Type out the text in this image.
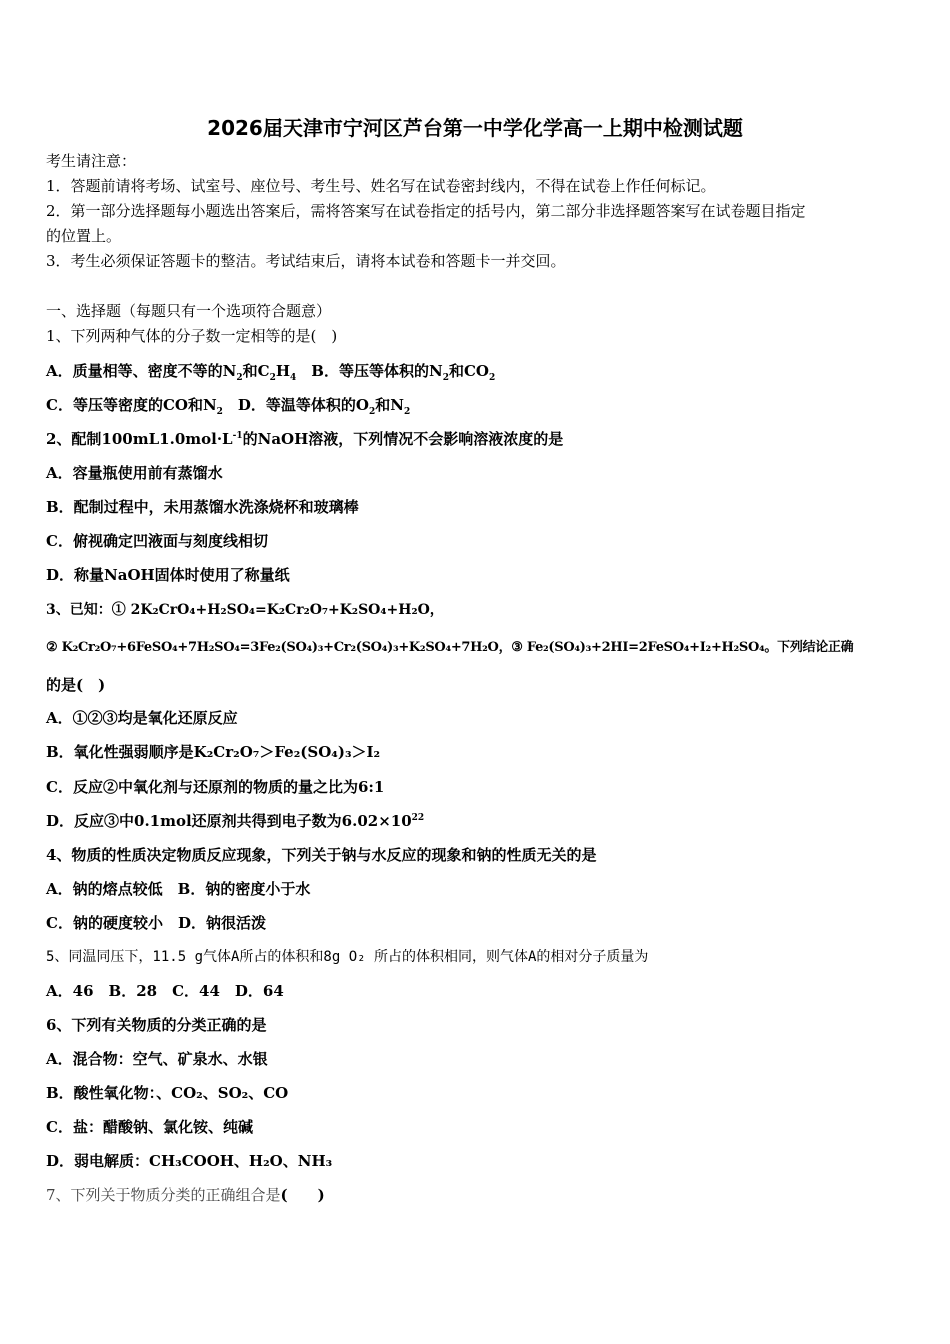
2026届天津市宁河区芦台第一中学化学高一上期中检测试题
考生请注意：
1．答题前请将考场、试室号、座位号、考生号、姓名写在试卷密封线内，不得在试卷上作任何标记。
2．第一部分选择题每小题选出答案后，需将答案写在试卷指定的括号内，第二部分非选择题答案写在试卷题目指定
的位置上。
3．考生必须保证答题卡的整洁。考试结束后，请将本试卷和答题卡一并交回。
一、选择题（每题只有一个选项符合题意）
1、下列两种气体的分子数一定相等的是(　)
A．质量相等、密度不等的$N_2$和$C_2H_4$　B．等压等体积的$N_2$和$CO_2$
C．等压等密度的CO和$N_2$　D．等温等体积的$O_2$和$N_2$
2、配制$100mL1.0mol\cdot L^{-1}$的NaOH溶液，下列情况不会影响溶液浓度的是
A．容量瓶使用前有蒸馏水
B．配制过程中，未用蒸馏水洗涤烧杯和玻璃棒
C．俯视确定凹液面与刻度线相切
D．称量NaOH固体时使用了称量纸
3、已知：① 2K₂CrO₄+H₂SO₄=K₂Cr₂O₇+K₂SO₄+H₂O，
② K₂Cr₂O₇+6FeSO₄+7H₂SO₄=3Fe₂(SO₄)₃+Cr₂(SO₄)₃+K₂SO₄+7H₂O，③ Fe₂(SO₄)₃+2HI=2FeSO₄+I₂+H₂SO₄。下列结论正确
的是(　)
A．①②③均是氧化还原反应
B．氧化性强弱顺序是K₂Cr₂O₇＞Fe₂(SO₄)₃＞I₂
C．反应②中氧化剂与还原剂的物质的量之比为6:1
D．反应③中0.1mol还原剂共得到电子数为$6.02\times 10^{22}$
4、物质的性质决定物质反应现象，下列关于钠与水反应的现象和钠的性质无关的是
A．钠的熔点较低　B．钠的密度小于水
C．钠的硬度较小　D．钠很活泼
5、同温同压下，11.5 g气体A所占的体积和8g O₂ 所占的体积相同，则气体A的相对分子质量为
A．46　B．28　C．44　D．64
6、下列有关物质的分类正确的是
A．混合物：空气、矿泉水、水银
B．酸性氧化物：、CO₂、SO₂、CO
C．盐：醋酸钠、氯化铵、纯碱
D．弱电解质：CH₃COOH、H₂O、NH₃
7、下列关于物质分类的正确组合是(　　)
